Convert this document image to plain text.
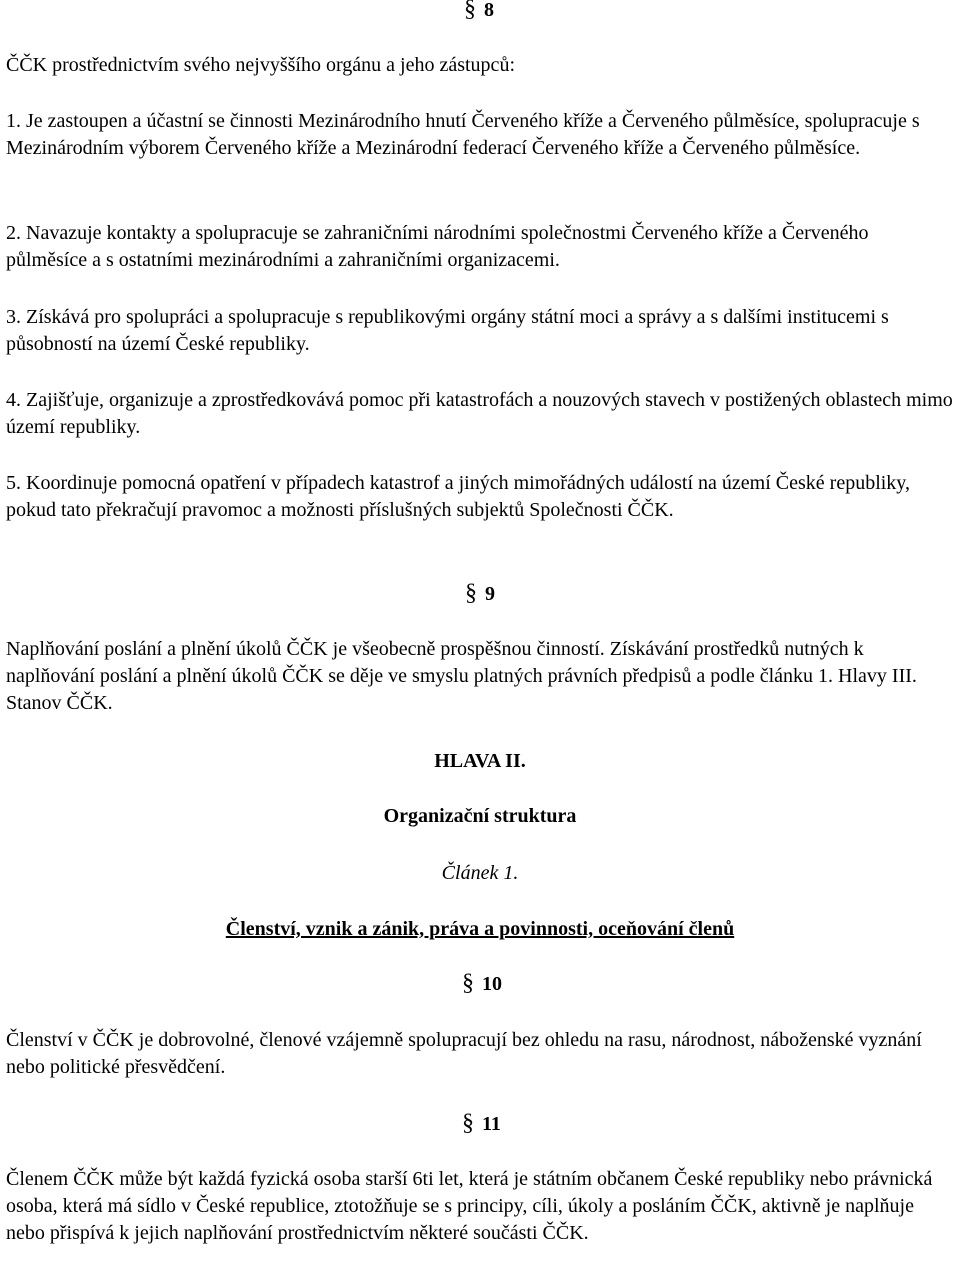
§ 8

ČČK prostřednictvím svého nejvyššího orgánu a jeho zástupců:

1. Je zastoupen a účastní se činnosti Mezinárodního hnutí Červeného kříže a Červeného půlměsíce, spolupracuje s Mezinárodním výborem Červeného kříže a Mezinárodní federací Červeného kříže a Červeného půlměsíce.

2. Navazuje kontakty a spolupracuje se zahraničními národními společnostmi Červeného kříže a Červeného půlměsíce a s ostatními mezinárodními a zahraničními organizacemi.

3. Získává pro spolupráci a spolupracuje s republikovými orgány státní moci a správy a s dalšími institucemi s působností na území České republiky.

4. Zajišťuje, organizuje a zprostředkovává pomoc při katastrofách a nouzových stavech v postižených oblastech mimo území republiky.

5. Koordinuje pomocná opatření v případech katastrof a jiných mimořádných událostí na území České republiky, pokud tato překračují pravomoc a možnosti příslušných subjektů Společnosti ČČK.

§ 9

Naplňování poslání a plnění úkolů ČČK je všeobecně prospěšnou činností. Získávání prostředků nutných k naplňování poslání a plnění úkolů ČČK se děje ve smyslu platných právních předpisů a podle článku 1. Hlavy III. Stanov ČČK.

HLAVA II.

Organizační struktura

Článek 1.

Členství, vznik a zánik, práva a povinnosti, oceňování členů

§ 10

Členství v ČČK je dobrovolné, členové vzájemně spolupracují bez ohledu na rasu, národnost, náboženské vyznání nebo politické přesvědčení.

§ 11

Členem ČČK může být každá fyzická osoba starší 6ti let, která je státním občanem České republiky nebo právnická osoba, která má sídlo v České republice, ztotožňuje se s principy, cíli, úkoly a posláním ČČK, aktivně je naplňuje nebo přispívá k jejich naplňování prostřednictvím některé součásti ČČK.
